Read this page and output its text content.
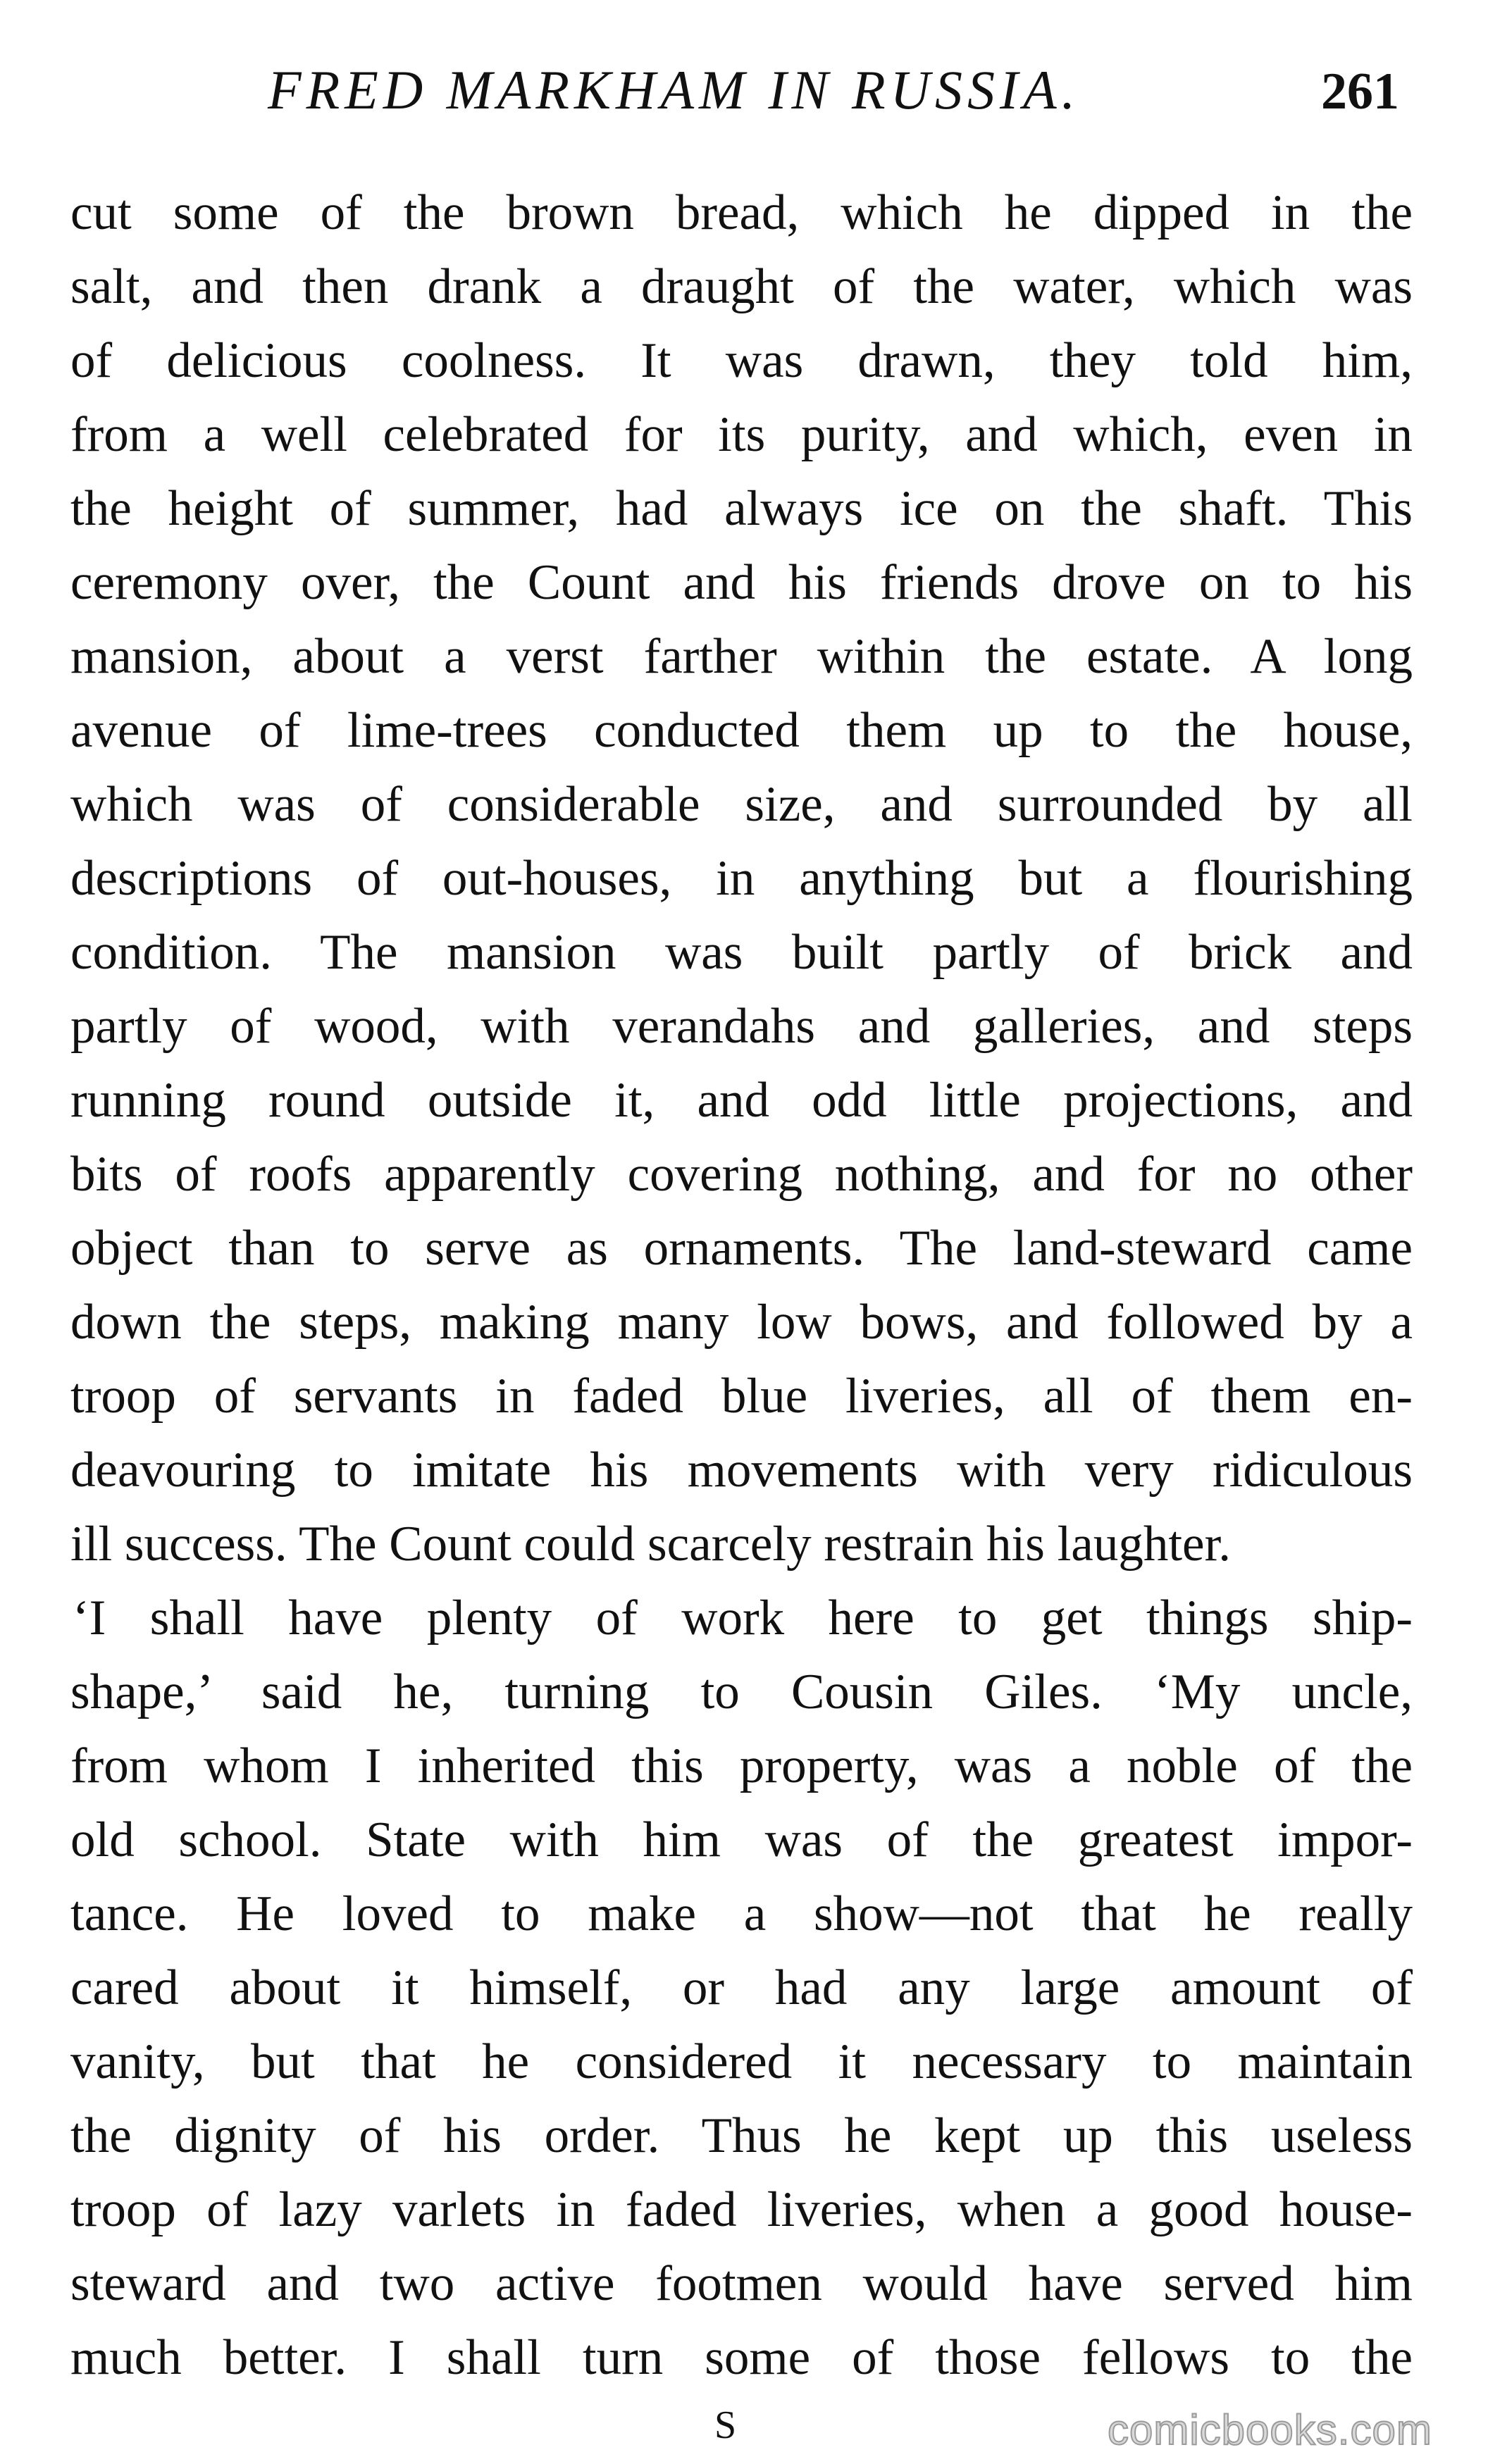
FRED MARKHAM IN RUSSIA.	261
cut some of the brown bread, which he dipped in the
salt, and then drank a draught of the water, which was
of delicious coolness. It was drawn, they told him,
from a well celebrated for its purity, and which, even in
the height of summer, had always ice on the shaft. This
ceremony over, the Count and his friends drove on to his
mansion, about a verst farther within the estate. A long
avenue of lime-trees conducted them up to the house,
which was of considerable size, and surrounded by all
descriptions of out-houses, in anything but a flourishing
condition. The mansion was built partly of brick and
partly of wood, with verandahs and galleries, and steps
running round outside it, and odd little projections, and
bits of roofs apparently covering nothing, and for no other
object than to serve as ornaments. The land-steward came
down the steps, making many low bows, and followed by a
troop of servants in faded blue liveries, all of them en-
deavouring to imitate his movements with very ridiculous
ill success. The Count could scarcely restrain his laughter.
‘I shall have plenty of work here to get things ship-
shape,’ said he, turning to Cousin Giles. ‘My uncle,
from whom I inherited this property, was a noble of the
old school. State with him was of the greatest impor-
tance. He loved to make a show—not that he really
cared about it himself, or had any large amount of
vanity, but that he considered it necessary to maintain
the dignity of his order. Thus he kept up this useless
troop of lazy varlets in faded liveries, when a good house-
steward and two active footmen would have served him
much better. I shall turn some of those fellows to the
S	comicbooks.com
